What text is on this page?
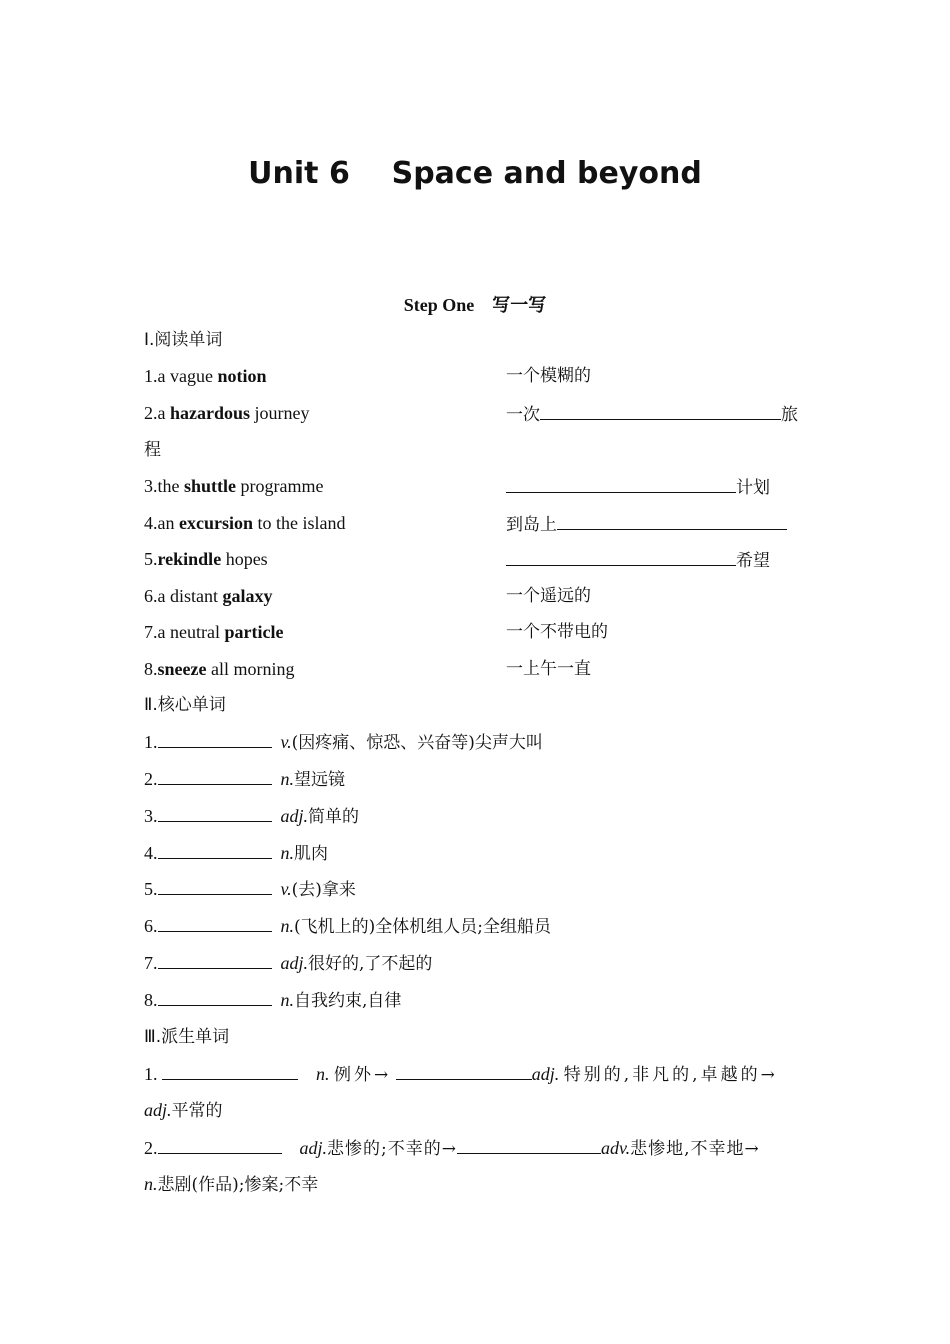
Unit 6    Space and beyond
Step One    写一写
Ⅰ.阅读单词
1.a vague notion	一个模糊的
2.a hazardous journey	一次	旅
程
3.the shuttle programme	计划
4.an excursion to the island	到岛上
5.rekindle hopes	希望
6.a distant galaxy	一个遥远的
7.a neutral particle	一个不带电的
8.sneeze all morning	一上午一直
Ⅱ.核心单词
1.	v.(因疼痛、惊恐、兴奋等)尖声大叫
2.	n.望远镜
3.	adj.简单的
4.	n.肌肉
5.	v.(去)拿来
6.	n.(飞机上的)全体机组人员;全组船员
7.	adj.很好的,了不起的
8.	n.自我约束,自律
Ⅲ.派生单词
1.	n. 例外→	adj. 特别的,非凡的,卓越的→
adj.平常的
2.	adj.悲惨的;不幸的→	adv.悲惨地,不幸地→
n.悲剧(作品);惨案;不幸
